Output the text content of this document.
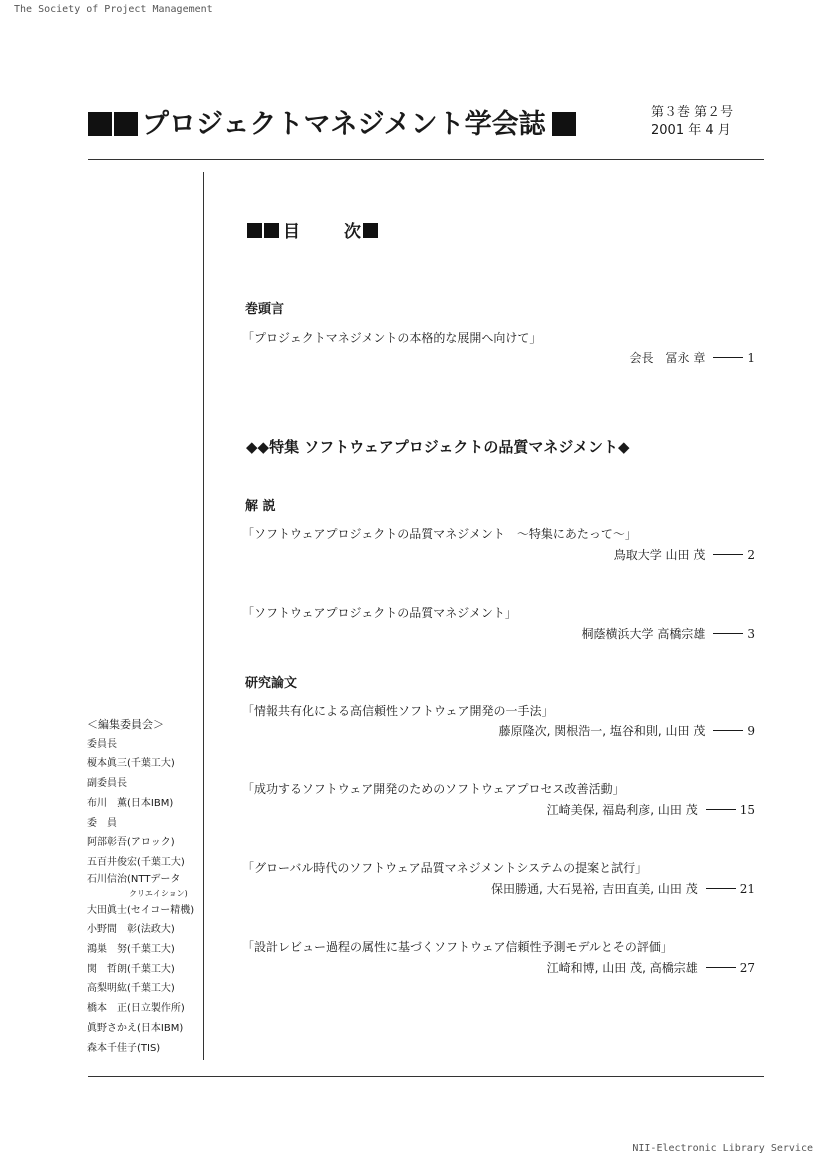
The Society of Project Management
NII-Electronic Library Service
プロジェクトマネジメント学会誌	第３巻 第２号
2001 年 4 月
目	次
巻頭言
「プロジェクトマネジメントの本格的な展開へ向けて」
会長　冨永 章	1
◆◆特集 ソフトウェアプロジェクトの品質マネジメント◆
解 説
「ソフトウェアプロジェクトの品質マネジメント　～特集にあたって～」
鳥取大学 山田 茂	2
「ソフトウェアプロジェクトの品質マネジメント」
桐蔭横浜大学 高橋宗雄	3
研究論文
「情報共有化による高信頼性ソフトウェア開発の一手法」
藤原隆次, 関根浩一, 塩谷和則, 山田 茂	9
「成功するソフトウェア開発のためのソフトウェアプロセス改善活動」
江崎美保, 福島利彦, 山田 茂	15
「グローバル時代のソフトウェア品質マネジメントシステムの提案と試行」
保田勝通, 大石晃裕, 吉田直美, 山田 茂	21
「設計レビュー過程の属性に基づくソフトウェア信頼性予測モデルとその評価」
江崎和博, 山田 茂, 高橋宗雄	27
＜編集委員会＞
委員長
榎本眞三(千葉工大)
副委員長
布川　薫(日本IBM)
委　員
阿部彰吾(アロック)
五百井俊宏(千葉工大)
石川信治(NTTデータ
クリエイション)
大田眞士(セイコー精機)
小野間　彰(法政大)
鴻巣　努(千葉工大)
関　哲朗(千葉工大)
高梨明紘(千葉工大)
橋本　正(日立製作所)
眞野さかえ(日本IBM)
森本千佳子(TIS)
